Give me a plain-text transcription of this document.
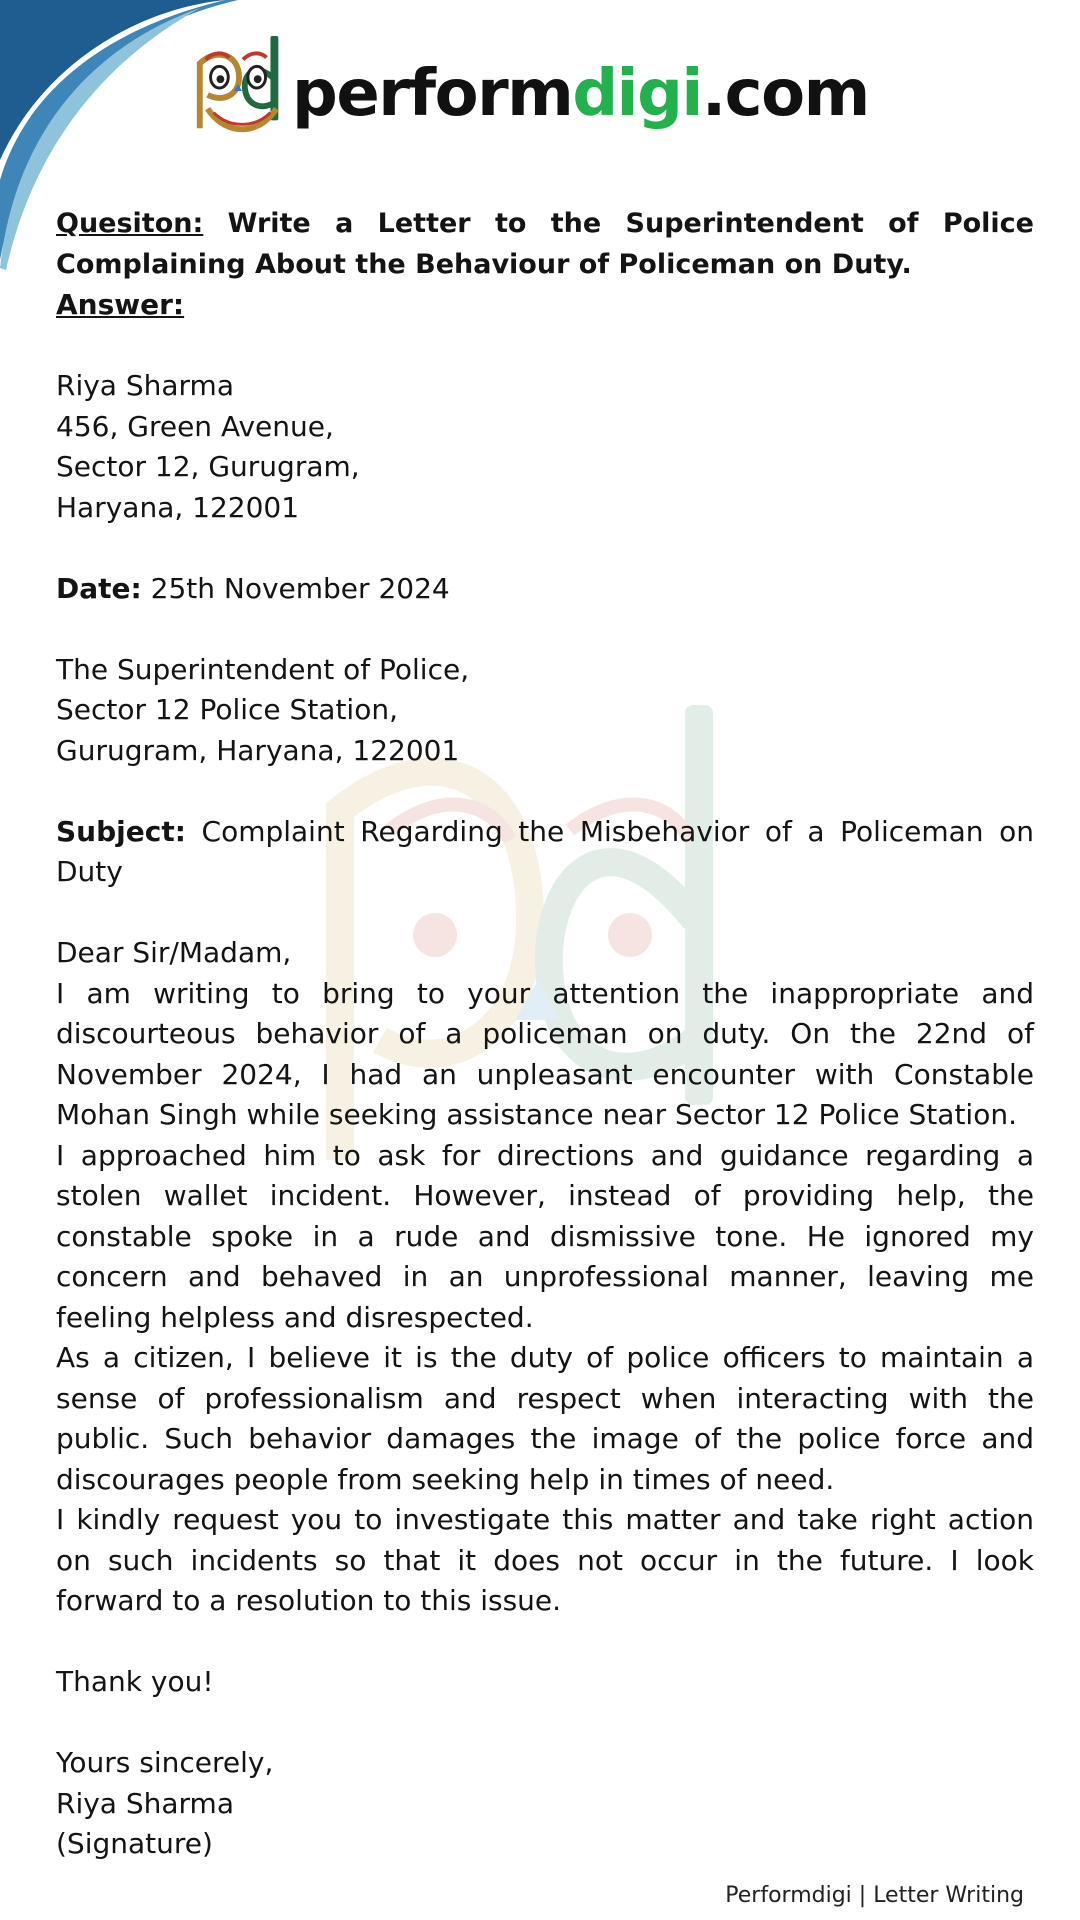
performdigi.com

Quesiton: Write a Letter to the Superintendent of Police Complaining About the Behaviour of Policeman on Duty.

Answer:

Riya Sharma

456, Green Avenue,

Sector 12, Gurugram,

Haryana, 122001

Date: 25th November 2024

The Superintendent of Police,

Sector 12 Police Station,

Gurugram, Haryana, 122001

Subject: Complaint Regarding the Misbehavior of a Policeman on Duty

Dear Sir/Madam,

I am writing to bring to your attention the inappropriate and discourteous behavior of a policeman on duty. On the 22nd of November 2024, I had an unpleasant encounter with Constable Mohan Singh while seeking assistance near Sector 12 Police Station.

I approached him to ask for directions and guidance regarding a stolen wallet incident. However, instead of providing help, the constable spoke in a rude and dismissive tone. He ignored my concern and behaved in an unprofessional manner, leaving me feeling helpless and disrespected.

As a citizen, I believe it is the duty of police officers to maintain a sense of professionalism and respect when interacting with the public. Such behavior damages the image of the police force and discourages people from seeking help in times of need.

I kindly request you to investigate this matter and take right action on such incidents so that it does not occur in the future. I look forward to a resolution to this issue.

Thank you!

Yours sincerely,

Riya Sharma

(Signature)

Performdigi | Letter Writing
